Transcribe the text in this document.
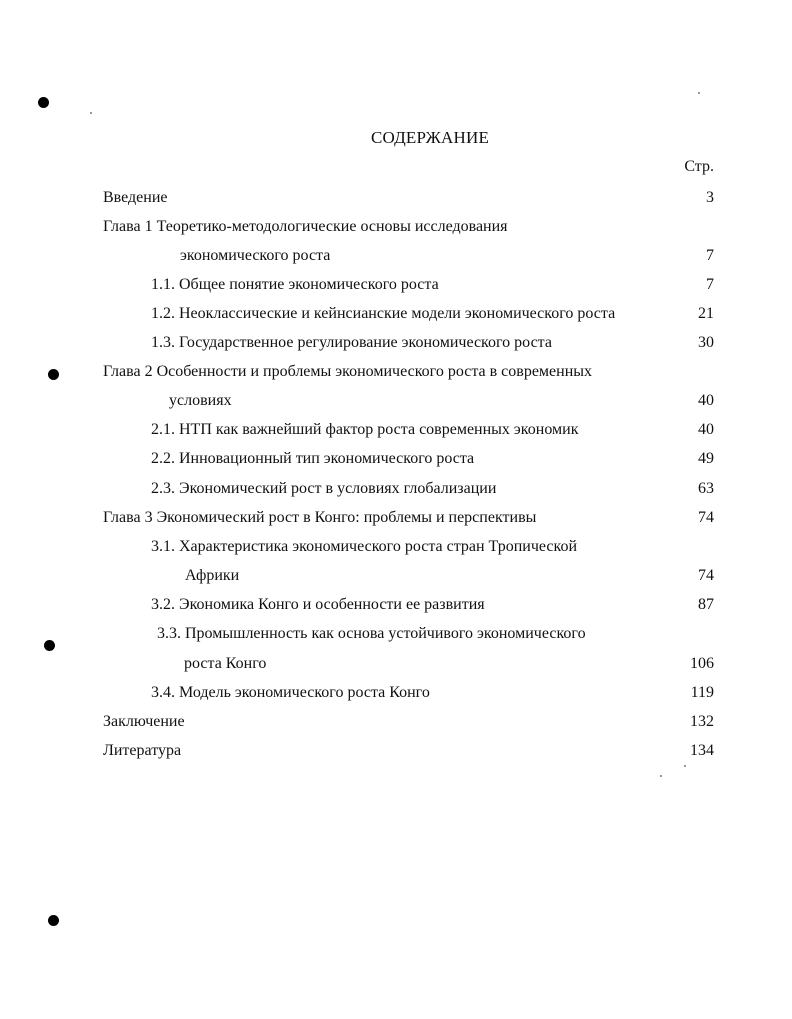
СОДЕРЖАНИЕ
Стр.
Введение	3
Глава 1 Теоретико-методологические основы исследования
экономического роста	7
1.1. Общее понятие экономического роста	7
1.2. Неоклассические и кейнсианские модели экономического роста	21
1.3. Государственное регулирование экономического роста	30
Глава 2 Особенности и проблемы экономического роста в современных
условиях	40
2.1. НТП как важнейший фактор роста современных экономик	40
2.2. Инновационный тип экономического роста	49
2.3. Экономический рост в условиях глобализации	63
Глава 3 Экономический рост в Конго: проблемы и перспективы	74
3.1. Характеристика экономического роста стран Тропической
Африки	74
3.2. Экономика Конго и особенности ее развития	87
3.3. Промышленность как основа устойчивого экономического
роста Конго	106
3.4. Модель экономического роста Конго	119
Заключение	132
Литература	134
